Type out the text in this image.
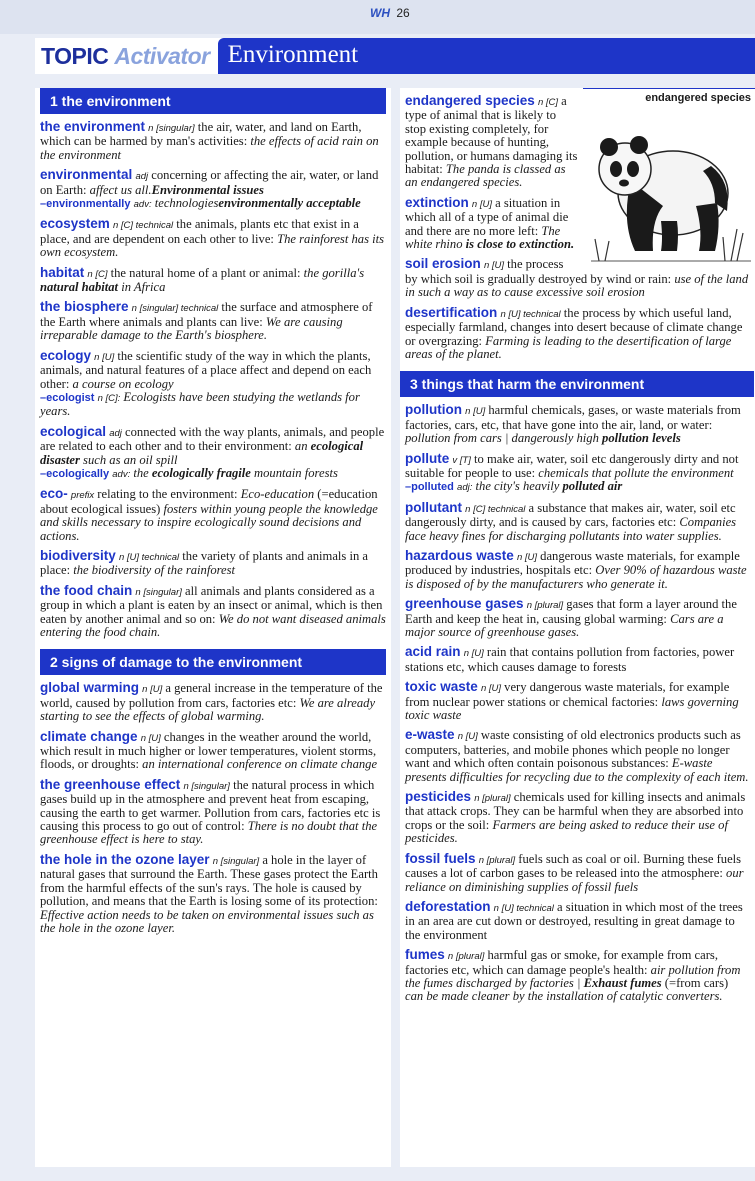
WH 26
TOPIC Activator Environment
1 the environment
the environment n [singular] the air, water, and land on Earth, which can be harmed by man's activities: the effects of acid rain on the environment
environmental adj concerning or affecting the air, water, or land on Earth: affect us all.Environmental issues
–environmentally adv: technologiesenvironmentally acceptable
ecosystem n [C] technical the animals, plants etc that exist in a place, and are dependent on each other to live: The rainforest has its own ecosystem.
habitat n [C] the natural home of a plant or animal: the gorilla's natural habitat in Africa
the biosphere n [singular] technical the surface and atmosphere of the Earth where animals and plants can live: We are causing irreparable damage to the Earth's biosphere.
ecology n [U] the scientific study of the way in which the plants, animals, and natural features of a place affect and depend on each other: a course on ecology
–ecologist n [C]: Ecologists have been studying the wetlands for years.
ecological adj connected with the way plants, animals, and people are related to each other and to their environment: an ecological disaster such as an oil spill
–ecologically adv: the ecologically fragile mountain forests
eco- prefix relating to the environment: Eco-education (=education about ecological issues) fosters within young people the knowledge and skills necessary to inspire ecologically sound decisions and actions.
biodiversity n [U] technical the variety of plants and animals in a place: the biodiversity of the rainforest
the food chain n [singular] all animals and plants considered as a group in which a plant is eaten by an insect or animal, which is then eaten by another animal and so on: We do not want diseased animals entering the food chain.
2 signs of damage to the environment
global warming n [U] a general increase in the temperature of the world, caused by pollution from cars, factories etc: We are already starting to see the effects of global warming.
climate change n [U] changes in the weather around the world, which result in much higher or lower temperatures, violent storms, floods, or droughts: an international conference on climate change
the greenhouse effect n [singular] the natural process in which gases build up in the atmosphere and prevent heat from escaping, causing the earth to get warmer. Pollution from cars, factories etc is causing this process to go out of control: There is no doubt that the greenhouse effect is here to stay.
the hole in the ozone layer n [singular] a hole in the layer of natural gases that surround the Earth. These gases protect the Earth from the harmful effects of the sun's rays. The hole is caused by pollution, and means that the Earth is losing some of its protection: Effective action needs to be taken on environmental issues such as the hole in the ozone layer.
endangered species
endangered species n [C] a type of animal that is likely to stop existing completely, for example because of hunting, pollution, or humans damaging its habitat: The panda is classed as an endangered species.
extinction n [U] a situation in which all of a type of animal die and there are no more left: The white rhino is close to extinction.
soil erosion n [U] the process by which soil is gradually destroyed by wind or rain: use of the land in such a way as to cause excessive soil erosion
desertification n [U] technical the process by which useful land, especially farmland, changes into desert because of climate change or overgrazing: Farming is leading to the desertification of large areas of the planet.
3 things that harm the environment
pollution n [U] harmful chemicals, gases, or waste materials from factories, cars, etc, that have gone into the air, land, or water: pollution from cars | dangerously high pollution levels
pollute v [T] to make air, water, soil etc dangerously dirty and not suitable for people to use: chemicals that pollute the environment
–polluted adj: the city's heavily polluted air
pollutant n [C] technical a substance that makes air, water, soil etc dangerously dirty, and is caused by cars, factories etc: Companies face heavy fines for discharging pollutants into water supplies.
hazardous waste n [U] dangerous waste materials, for example produced by industries, hospitals etc: Over 90% of hazardous waste is disposed of by the manufacturers who generate it.
greenhouse gases n [plural] gases that form a layer around the Earth and keep the heat in, causing global warming: Cars are a major source of greenhouse gases.
acid rain n [U] rain that contains pollution from factories, power stations etc, which causes damage to forests
toxic waste n [U] very dangerous waste materials, for example from nuclear power stations or chemical factories: laws governing toxic waste
e-waste n [U] waste consisting of old electronics products such as computers, batteries, and mobile phones which people no longer want and which often contain poisonous substances: E-waste presents difficulties for recycling due to the complexity of each item.
pesticides n [plural] chemicals used for killing insects and animals that attack crops. They can be harmful when they are absorbed into crops or the soil: Farmers are being asked to reduce their use of pesticides.
fossil fuels n [plural] fuels such as coal or oil. Burning these fuels causes a lot of carbon gases to be released into the atmosphere: our reliance on diminishing supplies of fossil fuels
deforestation n [U] technical a situation in which most of the trees in an area are cut down or destroyed, resulting in great damage to the environment
fumes n [plural] harmful gas or smoke, for example from cars, factories etc, which can damage people's health: air pollution from the fumes discharged by factories | Exhaust fumes (=from cars) can be made cleaner by the installation of catalytic converters.
